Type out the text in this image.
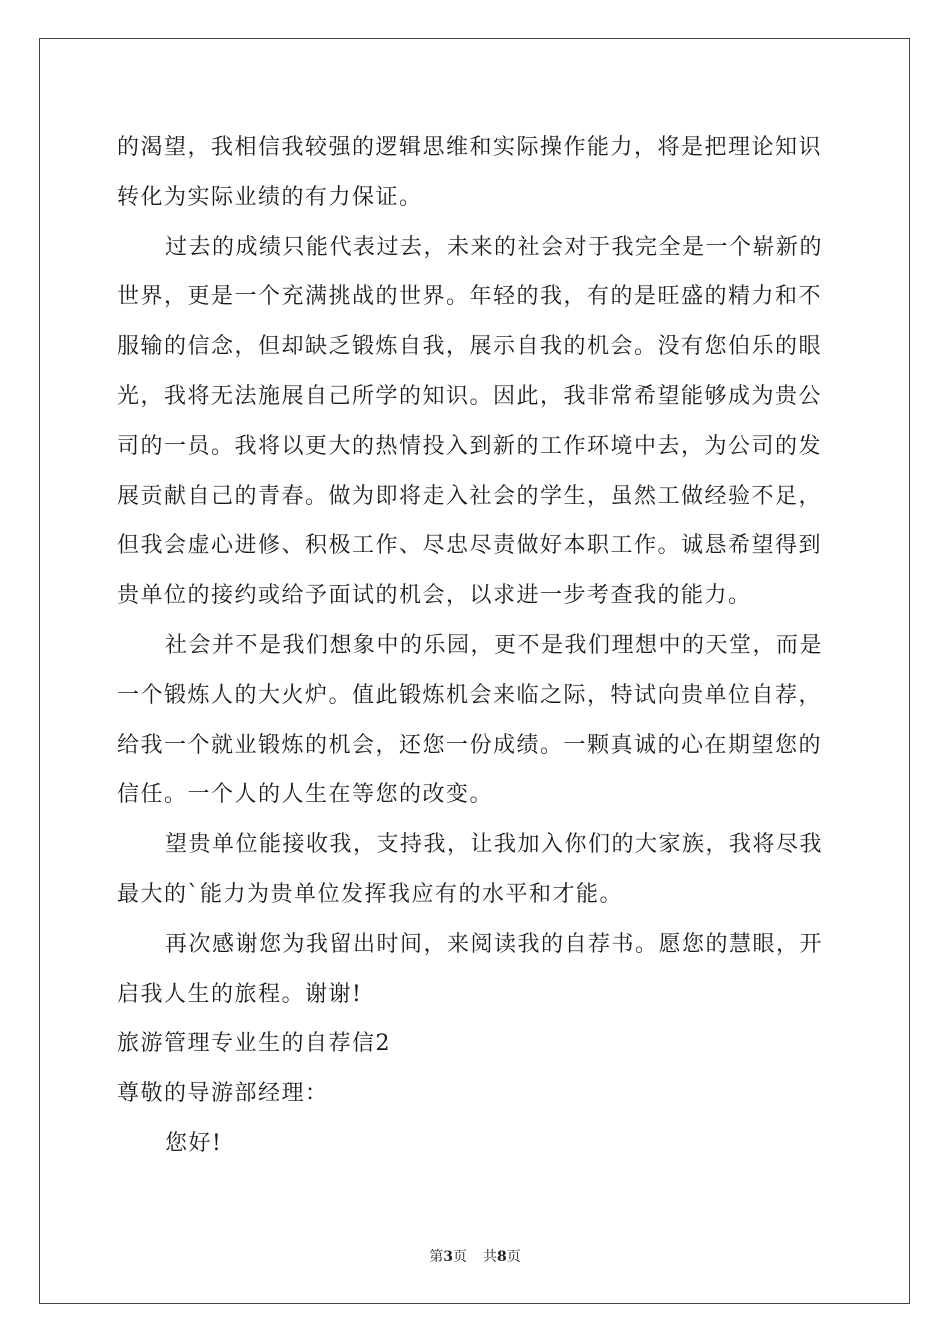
的渴望，我相信我较强的逻辑思维和实际操作能力，将是把理论知识
转化为实际业绩的有力保证。
过去的成绩只能代表过去，未来的社会对于我完全是一个崭新的
世界，更是一个充满挑战的世界。年轻的我，有的是旺盛的精力和不
服输的信念，但却缺乏锻炼自我，展示自我的机会。没有您伯乐的眼
光，我将无法施展自己所学的知识。因此，我非常希望能够成为贵公
司的一员。我将以更大的热情投入到新的工作环境中去，为公司的发
展贡献自己的青春。做为即将走入社会的学生，虽然工做经验不足，
但我会虚心进修、积极工作、尽忠尽责做好本职工作。诚恳希望得到
贵单位的接约或给予面试的机会，以求进一步考查我的能力。
社会并不是我们想象中的乐园，更不是我们理想中的天堂，而是
一个锻炼人的大火炉。值此锻炼机会来临之际，特试向贵单位自荐，
给我一个就业锻炼的机会，还您一份成绩。一颗真诚的心在期望您的
信任。一个人的人生在等您的改变。
望贵单位能接收我，支持我，让我加入你们的大家族，我将尽我
最大的`能力为贵单位发挥我应有的水平和才能。
再次感谢您为我留出时间，来阅读我的自荐书。愿您的慧眼，开
启我人生的旅程。谢谢!
旅游管理专业生的自荐信2
尊敬的导游部经理：
您好!
第3页 共8页
